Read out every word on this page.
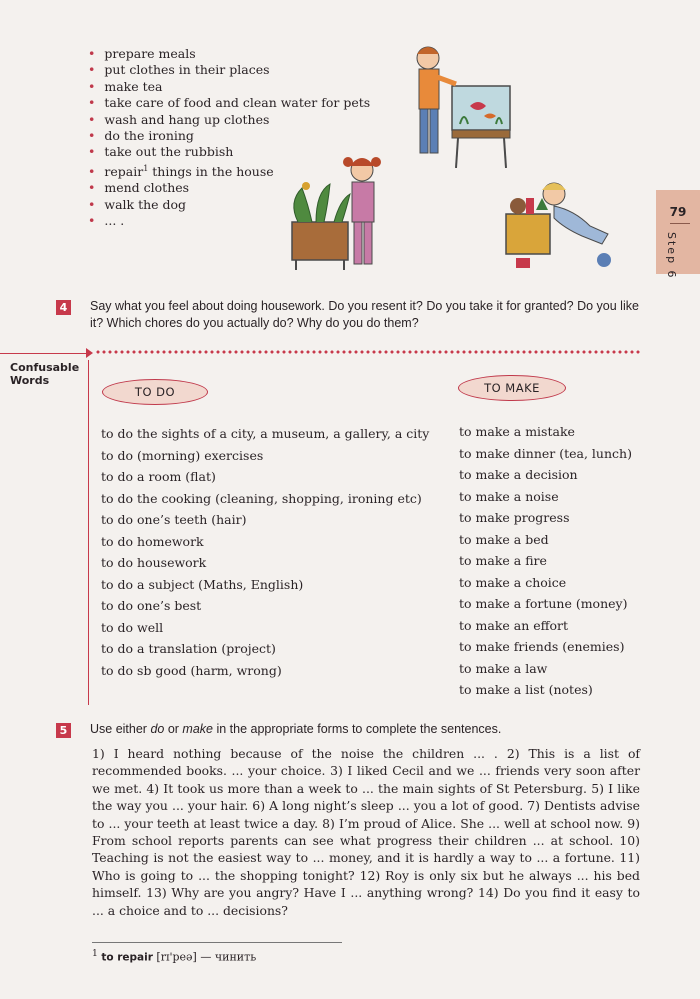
• prepare meals
• put clothes in their places
• make tea
• take care of food and clean water for pets
• wash and hang up clothes
• do the ironing
• take out the rubbish
• repair$^1$ things in the house
• mend clothes
• walk the dog
• ... .
79
Step 6
4 Say what you feel about doing housework. Do you resent it? Do you take it for granted? Do you like it? Which chores do you actually do? Why do you do them?
Confusable
Words
TO DO	TO MAKE
to do the sights of a city, a museum, a gallery, a city
to do (morning) exercises
to do a room (flat)
to do the cooking (cleaning, shopping, ironing etc)
to do one’s teeth (hair)
to do homework
to do housework
to do a subject (Maths, English)
to do one’s best
to do well
to do a translation (project)
to do sb good (harm, wrong)
to make a mistake
to make dinner (tea, lunch)
to make a decision
to make a noise
to make progress
to make a bed
to make a fire
to make a choice
to make a fortune (money)
to make an effort
to make friends (enemies)
to make a law
to make a list (notes)
5 Use either do or make in the appropriate forms to complete the sentences.
1) I heard nothing because of the noise the children ... . 2) This is a list of recommended books. ... your choice. 3) I liked Cecil and we ... friends very soon after we met. 4) It took us more than a week to ... the main sights of St Petersburg. 5) I like the way you ... your hair. 6) A long night’s sleep ... you a lot of good. 7) Dentists advise to ... your teeth at least twice a day. 8) I’m proud of Alice. She ... well at school now. 9) From school reports parents can see what progress their children ... at school. 10) Teaching is not the easiest way to ... money, and it is hardly a way to ... a fortune. 11) Who is going to ... the shopping tonight? 12) Roy is only six but he always ... his bed himself. 13) Why are you angry? Have I ... anything wrong? 14) Do you find it easy to ... a choice and to ... decisions?
$^1$ to repair [rɪ'peə] — чинить
